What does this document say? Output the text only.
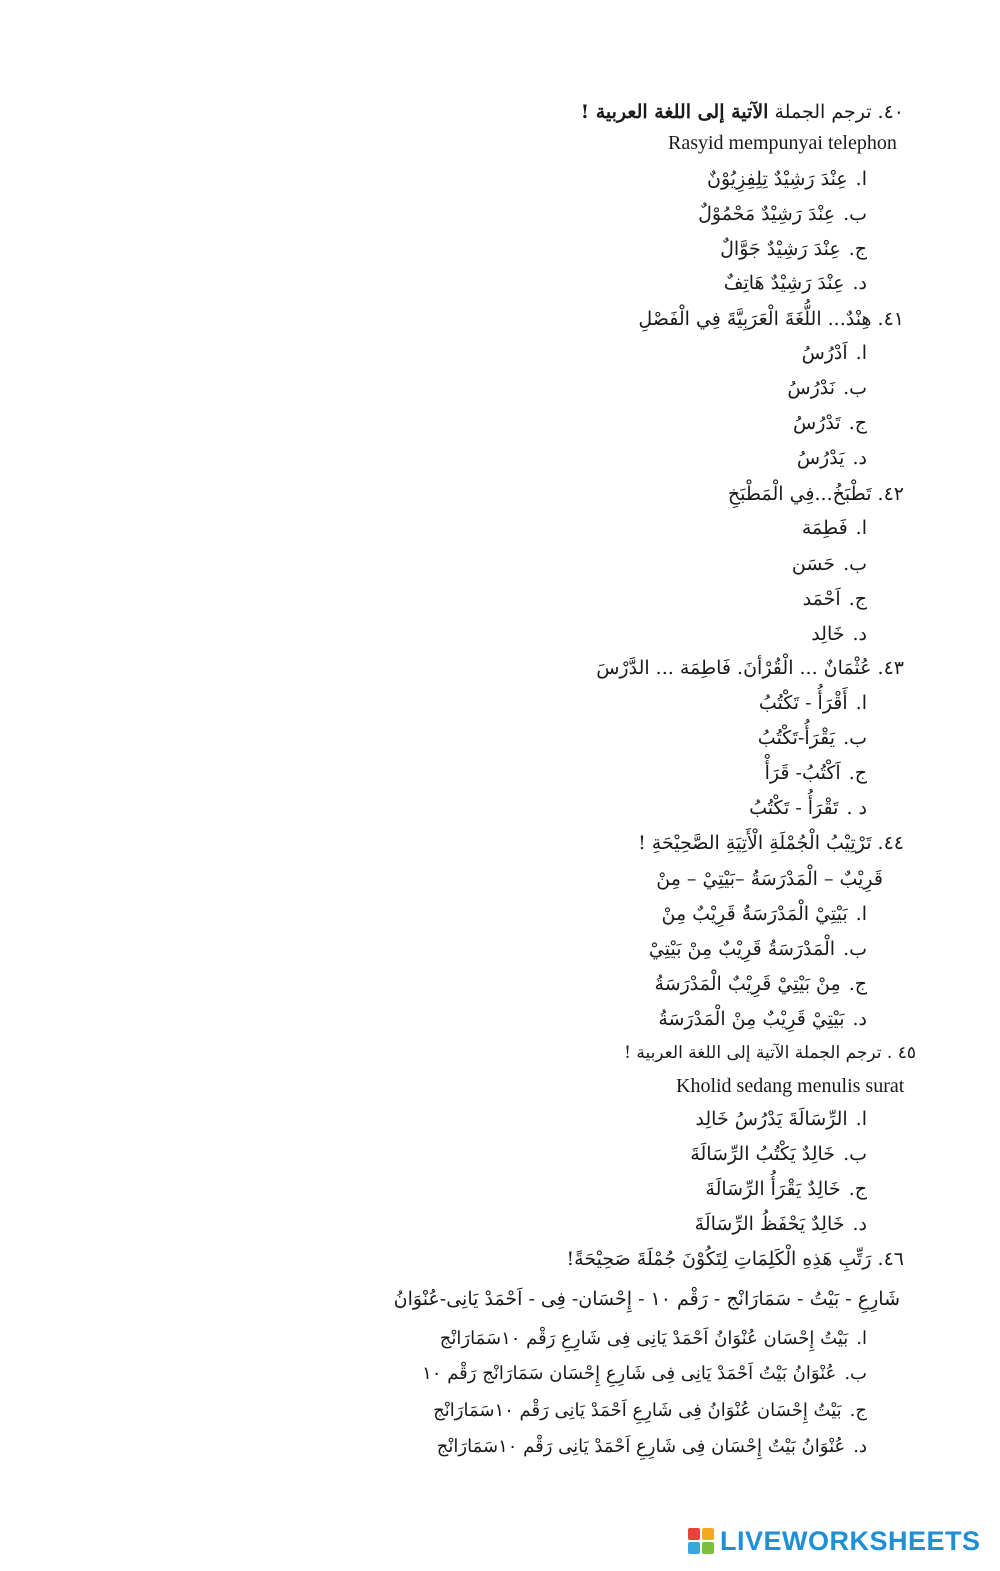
٤٠. ترجم الجملة الآتية إلى اللغة العربية !
Rasyid mempunyai telephon
ا.عِنْدَ رَشِيْدٌ تِلِفِزِيُوْنٌ
ب.عِنْدَ رَشِيْدٌ مَحْمُوْلٌ
ج.عِنْدَ رَشِيْدٌ جَوَّالٌ
د.عِنْدَ رَشِيْدٌ هَاتِفٌ
٤١. هِنْدٌ... اللُّغَةَ الْعَرَبِيَّةَ فِي الْفَصْلِ
ا.اَدْرُسُ
ب.نَدْرُسُ
ج.تَدْرُسُ
د.يَدْرُسُ
٤٢. تَطْبَخُ...فِي الْمَطْبَخِ
ا.فَطِمَة
ب.حَسَن
ج.اَحْمَد
د.خَالِد
٤٣. عُثْمَانٌ ... الْقُرْأنَ. فَاطِمَة ... الدَّرْسَ
ا.أَقْرَأُ - تَكْتُبُ
ب.يَقْرَأُ-تَكْتُبُ
ج.اَكْتُبُ- قَرَأْ
د .تَقْرَأُ - تَكْتُبُ
٤٤. تَرْتِيْبُ الْجُمْلَةِ الْأَتِيَةِ الصَّحِيْحَةِ !
قَرِيْبٌ – الْمَدْرَسَةُ –بَيْتِيْ – مِنْ
ا.بَيْتِيْ الْمَدْرَسَةُ قَرِيْبٌ مِنْ
ب.الْمَدْرَسَةُ قَرِيْبٌ مِنْ بَيْتِيْ
ج.مِنْ بَيْتِيْ قَرِيْبٌ الْمَدْرَسَةُ
د.بَيْتِيْ قَرِيْبٌ مِنْ الْمَدْرَسَةُ
٤٥ . ترجم الجملة الآتية إلى اللغة العربية !
Kholid sedang menulis surat
ا.الرِّسَالَةَ يَدْرُسُ خَالِد
ب.خَالِدٌ يَكْتُبُ الرِّسَالَةَ
ج.خَالِدٌ يَقْرَأُ الرِّسَالَةَ
د.خَالِدٌ يَحْفَظُ الرِّسَالَةَ
٤٦. رَتِّبِ هَذِهِ الْكَلِمَاتِ لِتَكُوْنَ جُمْلَةَ صَحِيْحَةً!
شَارِعِ - بَيْتُ - سَمَارَانْج - رَقْم ١٠ - إِحْسَان- فِى - اَحْمَدْ يَانِى-عُنْوَانُ
ا.بَيْتُ إِحْسَان عُنْوَانُ اَحْمَدْ يَانِى فِى شَارِعِ رَقْم ١٠سَمَارَانْج
ب.عُنْوَانُ بَيْتُ اَحْمَدْ يَانِى فِى شَارِعِ إِحْسَان سَمَارَانْج رَقْم ١٠
ج.بَيْتُ إِحْسَان عُنْوَانُ فِى شَارِعِ اَحْمَدْ يَانِى رَقْم ١٠سَمَارَانْج
د.عُنْوَانُ بَيْتُ إِحْسَان فِى شَارِعِ اَحْمَدْ يَانِى رَقْم ١٠سَمَارَانْج
LIVEWORKSHEETS
